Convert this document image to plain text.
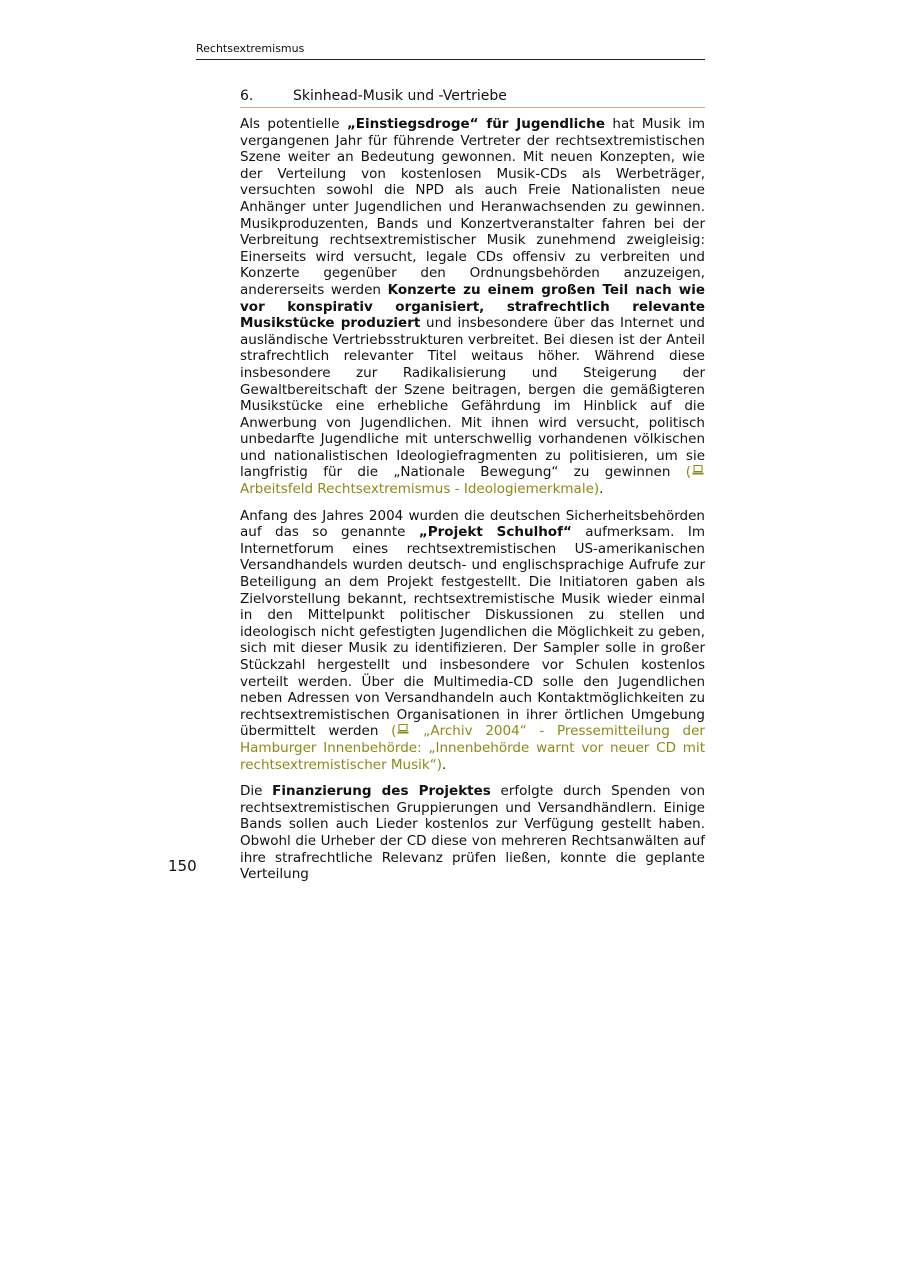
Rechtsextremismus
6.	Skinhead-Musik und -Vertriebe

Als potentielle „Einstiegsdroge“ für Jugendliche hat Musik im vergangenen Jahr für führende Vertreter der rechtsextremistischen Szene weiter an Bedeutung gewonnen. Mit neuen Konzepten, wie der Verteilung von kostenlosen Musik-CDs als Werbeträger, versuchten sowohl die NPD als auch Freie Nationalisten neue Anhänger unter Jugendlichen und Heranwachsenden zu gewinnen. Musikproduzenten, Bands und Konzertveranstalter fahren bei der Verbreitung rechtsextremistischer Musik zunehmend zweigleisig: Einerseits wird versucht, legale CDs offensiv zu verbreiten und Konzerte gegenüber den Ordnungsbehörden anzuzeigen, andererseits werden Konzerte zu einem großen Teil nach wie vor konspirativ organisiert, strafrechtlich relevante Musikstücke produziert und insbesondere über das Internet und ausländische Vertriebsstrukturen verbreitet. Bei diesen ist der Anteil strafrechtlich relevanter Titel weitaus höher. Während diese insbesondere zur Radikalisierung und Steigerung der Gewaltbereitschaft der Szene beitragen, bergen die gemäßigteren Musikstücke eine erhebliche Gefährdung im Hinblick auf die Anwerbung von Jugendlichen. Mit ihnen wird versucht, politisch unbedarfte Jugendliche mit unterschwellig vorhandenen völkischen und nationalistischen Ideologiefragmenten zu politisieren, um sie langfristig für die „Nationale Bewegung“ zu gewinnen ( Arbeitsfeld Rechtsextremismus - Ideologiemerkmale).

Anfang des Jahres 2004 wurden die deutschen Sicherheitsbehörden auf das so genannte „Projekt Schulhof“ aufmerksam. Im Internetforum eines rechtsextremistischen US-amerikanischen Versandhandels wurden deutsch- und englischsprachige Aufrufe zur Beteiligung an dem Projekt festgestellt. Die Initiatoren gaben als Zielvorstellung bekannt, rechtsextremistische Musik wieder einmal in den Mittelpunkt politischer Diskussionen zu stellen und ideologisch nicht gefestigten Jugendlichen die Möglichkeit zu geben, sich mit dieser Musik zu identifizieren. Der Sampler solle in großer Stückzahl hergestellt und insbesondere vor Schulen kostenlos verteilt werden. Über die Multimedia-CD solle den Jugendlichen neben Adressen von Versandhandeln auch Kontaktmöglichkeiten zu rechtsextremistischen Organisationen in ihrer örtlichen Umgebung übermittelt werden ( „Archiv 2004“ - Pressemitteilung der Hamburger Innenbehörde: „Innenbehörde warnt vor neuer CD mit rechtsextremistischer Musik“).

Die Finanzierung des Projektes erfolgte durch Spenden von rechtsextremistischen Gruppierungen und Versandhändlern. Einige Bands sollen auch Lieder kostenlos zur Verfügung gestellt haben. Obwohl die Urheber der CD diese von mehreren Rechtsanwälten auf ihre strafrechtliche Relevanz prüfen ließen, konnte die geplante Verteilung

150
